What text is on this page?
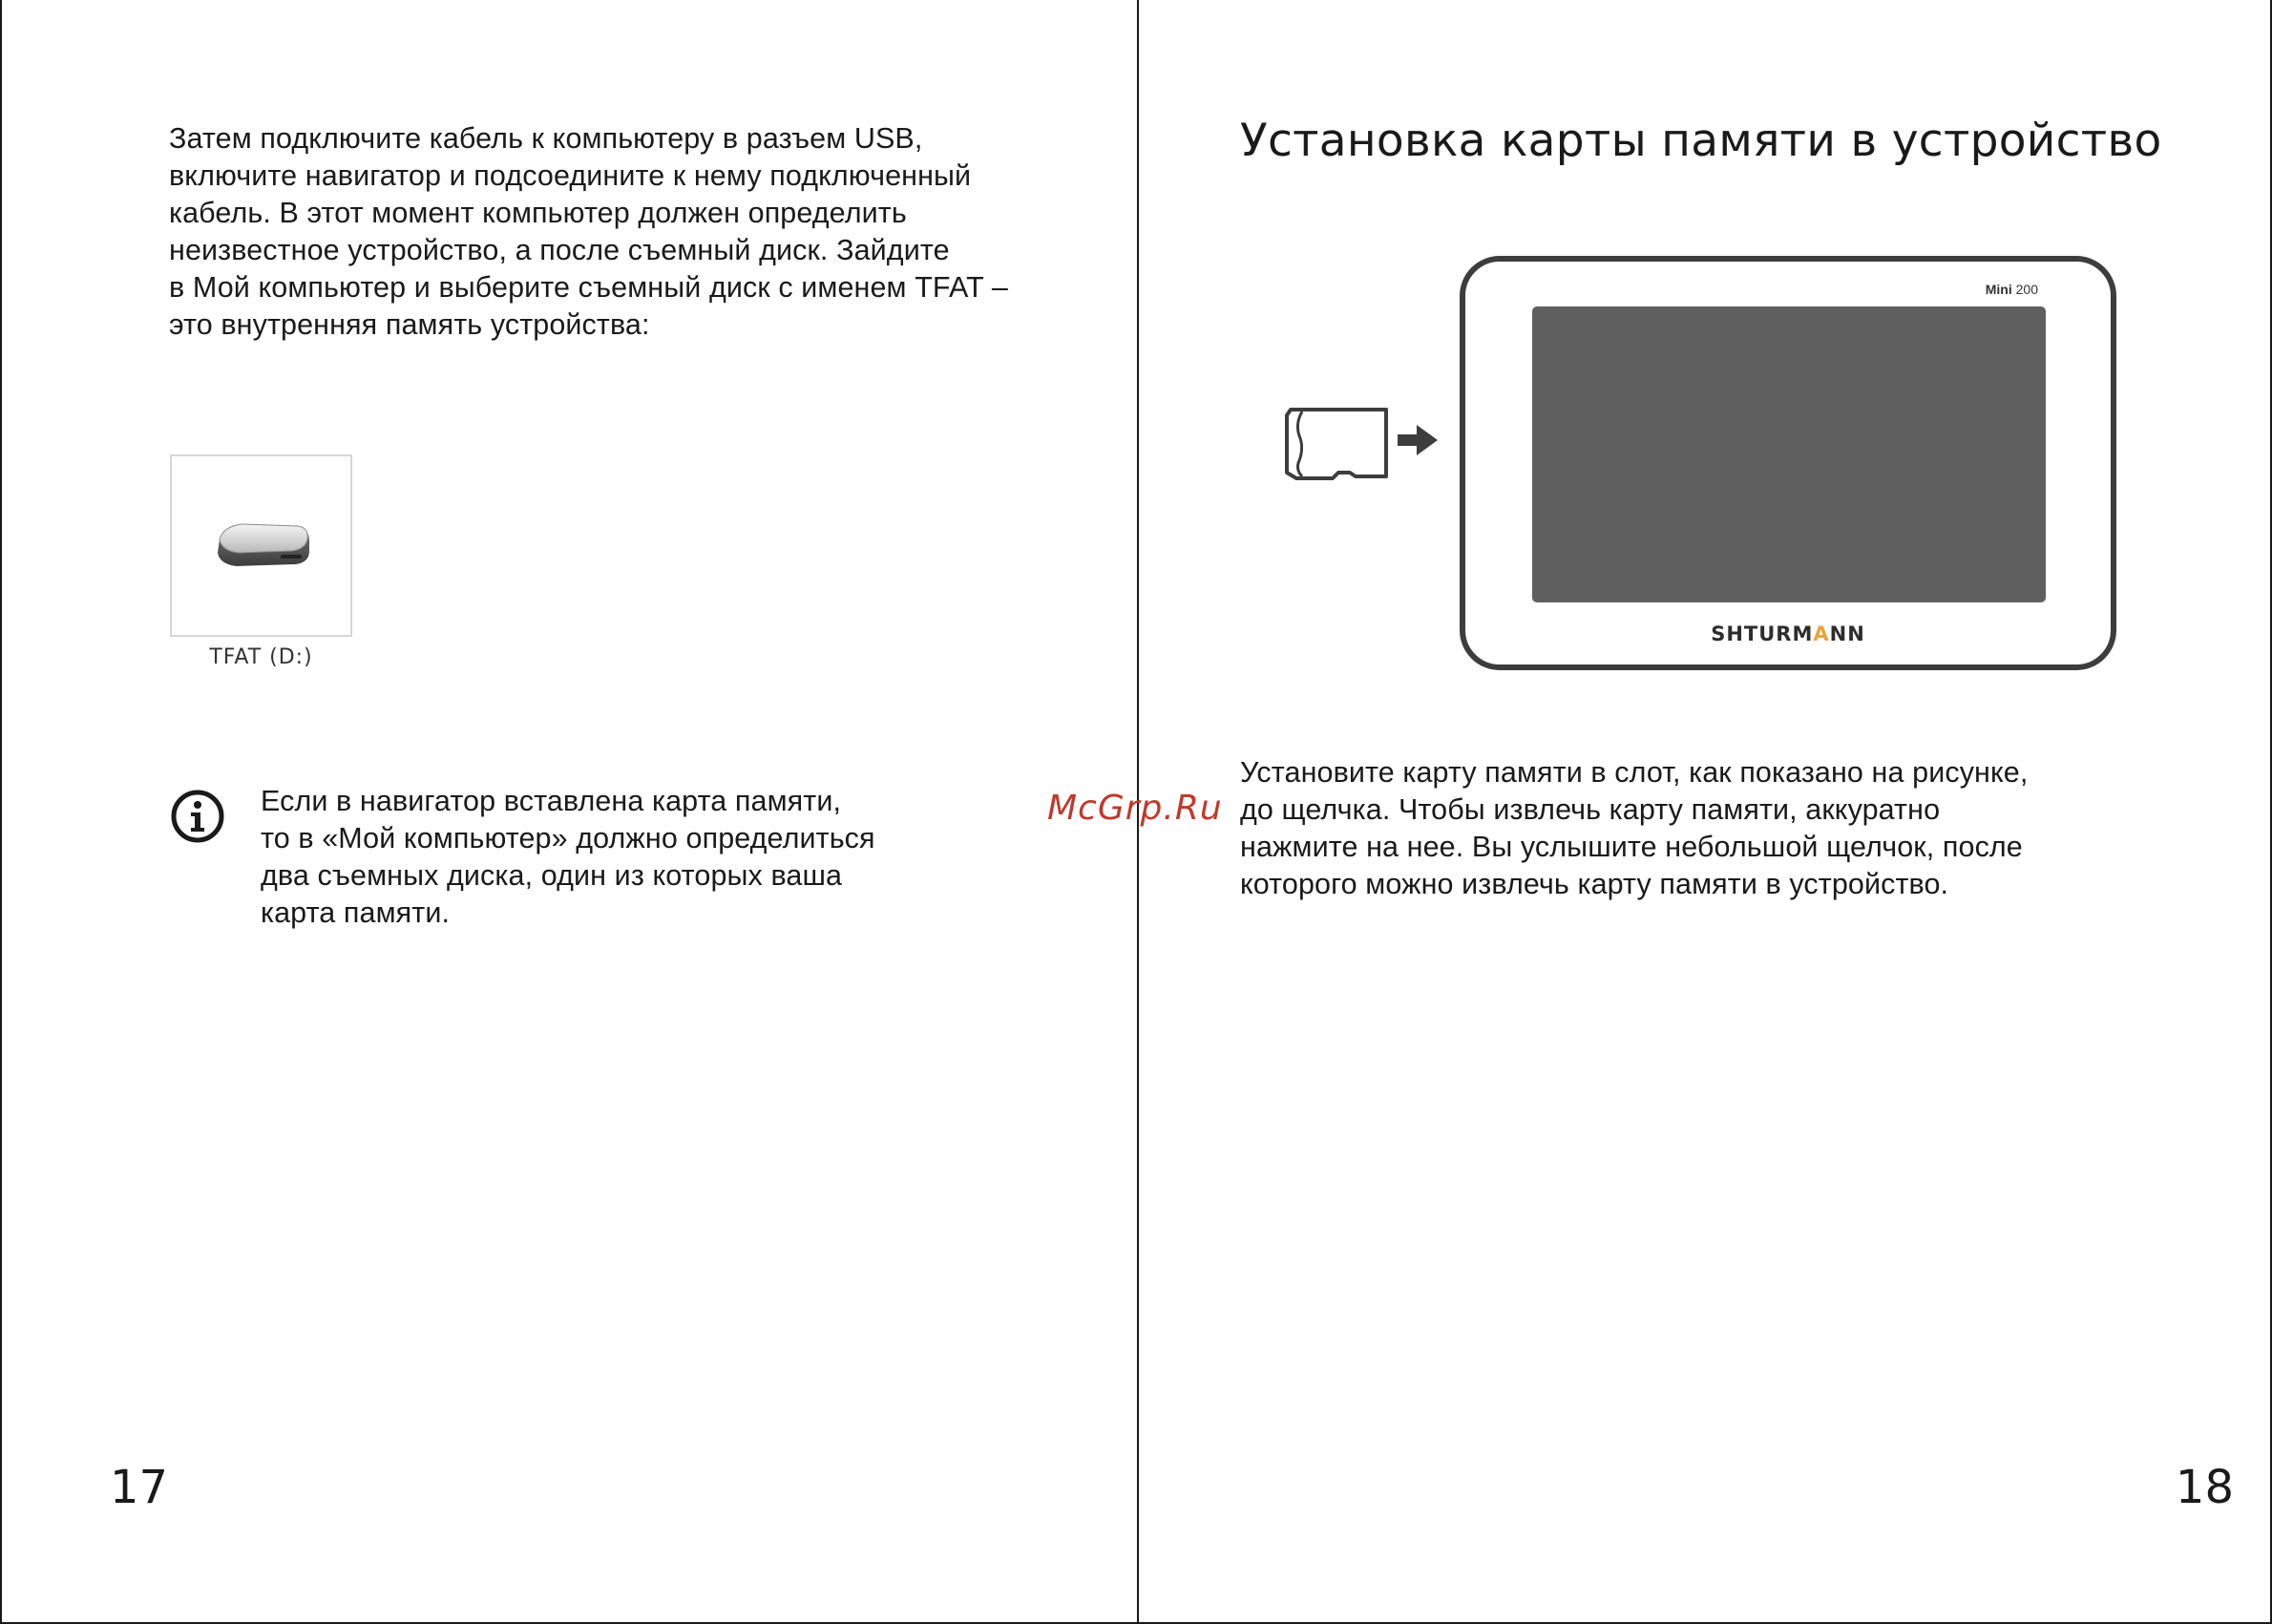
Затем подключите кабель к компьютеру в разъем USB,
включите навигатор и подсоедините к нему подключенный
кабель. В этот момент компьютер должен определить
неизвестное устройство, а после съемный диск. Зайдите
в Мой компьютер и выберите съемный диск с именем TFAT –
это внутренняя память устройства:

TFAT (D:)

Если в навигатор вставлена карта памяти,
то в «Мой компьютер» должно определиться
два съемных диска, один из которых ваша
карта памяти.

17
Установка карты памяти в устройство
Mini 200
SHTURMANN

Установите карту памяти в слот, как показано на рисунке,
до щелчка. Чтобы извлечь карту памяти, аккуратно
нажмите на нее. Вы услышите небольшой щелчок, после
которого можно извлечь карту памяти в устройство.

18
McGrp.Ru
